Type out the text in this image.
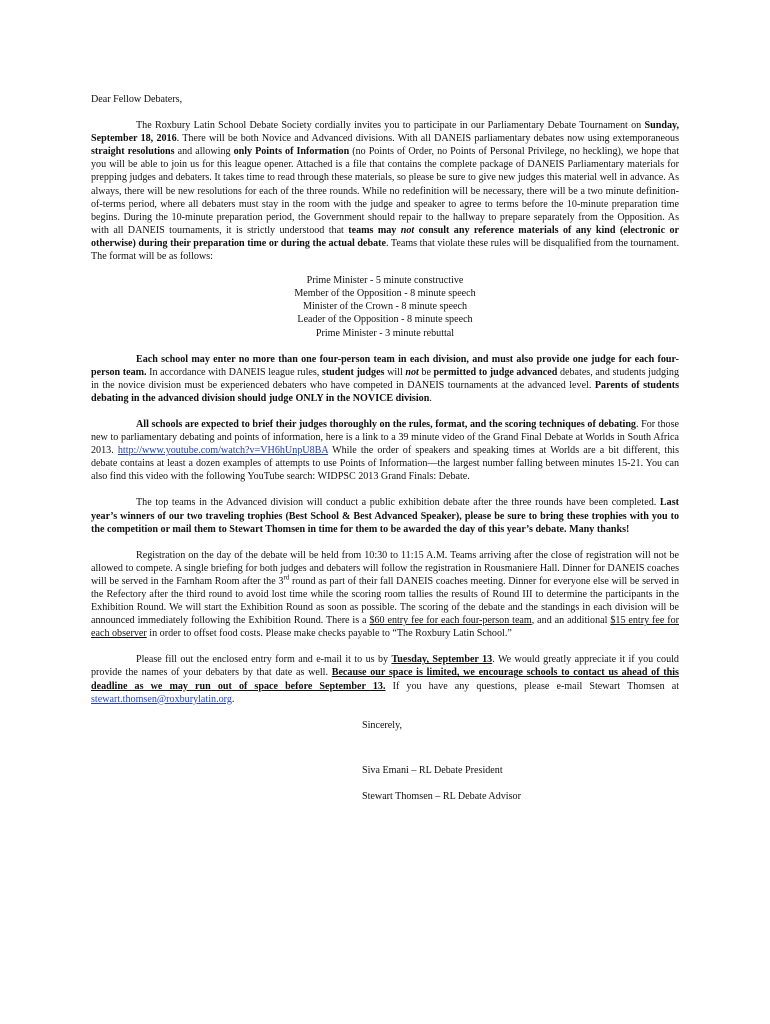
Dear Fellow Debaters,

The Roxbury Latin School Debate Society cordially invites you to participate in our Parliamentary Debate Tournament on Sunday, September 18, 2016. There will be both Novice and Advanced divisions. With all DANEIS parliamentary debates now using extemporaneous straight resolutions and allowing only Points of Information (no Points of Order, no Points of Personal Privilege, no heckling), we hope that you will be able to join us for this league opener. Attached is a file that contains the complete package of DANEIS Parliamentary materials for prepping judges and debaters. It takes time to read through these materials, so please be sure to give new judges this material well in advance. As always, there will be new resolutions for each of the three rounds. While no redefinition will be necessary, there will be a two minute definition-of-terms period, where all debaters must stay in the room with the judge and speaker to agree to terms before the 10-minute preparation time begins. During the 10-minute preparation period, the Government should repair to the hallway to prepare separately from the Opposition. As with all DANEIS tournaments, it is strictly understood that teams may not consult any reference materials of any kind (electronic or otherwise) during their preparation time or during the actual debate. Teams that violate these rules will be disqualified from the tournament. The format will be as follows:

Prime Minister - 5 minute constructive

Member of the Opposition - 8 minute speech

Minister of the Crown - 8 minute speech

Leader of the Opposition - 8 minute speech

Prime Minister - 3 minute rebuttal

Each school may enter no more than one four-person team in each division, and must also provide one judge for each four-person team. In accordance with DANEIS league rules, student judges will not be permitted to judge advanced debates, and students judging in the novice division must be experienced debaters who have competed in DANEIS tournaments at the advanced level. Parents of students debating in the advanced division should judge ONLY in the NOVICE division.

All schools are expected to brief their judges thoroughly on the rules, format, and the scoring techniques of debating. For those new to parliamentary debating and points of information, here is a link to a 39 minute video of the Grand Final Debate at Worlds in South Africa 2013. http://www.youtube.com/watch?v=VH6hUnpU8BA While the order of speakers and speaking times at Worlds are a bit different, this debate contains at least a dozen examples of attempts to use Points of Information—the largest number falling between minutes 15-21. You can also find this video with the following YouTube search: WIDPSC 2013 Grand Finals: Debate.

The top teams in the Advanced division will conduct a public exhibition debate after the three rounds have been completed. Last year’s winners of our two traveling trophies (Best School & Best Advanced Speaker), please be sure to bring these trophies with you to the competition or mail them to Stewart Thomsen in time for them to be awarded the day of this year’s debate. Many thanks!

Registration on the day of the debate will be held from 10:30 to 11:15 A.M. Teams arriving after the close of registration will not be allowed to compete. A single briefing for both judges and debaters will follow the registration in Rousmaniere Hall. Dinner for DANEIS coaches will be served in the Farnham Room after the 3rd round as part of their fall DANEIS coaches meeting. Dinner for everyone else will be served in the Refectory after the third round to avoid lost time while the scoring room tallies the results of Round III to determine the participants in the Exhibition Round. We will start the Exhibition Round as soon as possible. The scoring of the debate and the standings in each division will be announced immediately following the Exhibition Round. There is a $60 entry fee for each four-person team, and an additional $15 entry fee for each observer in order to offset food costs. Please make checks payable to “The Roxbury Latin School.”

Please fill out the enclosed entry form and e-mail it to us by Tuesday, September 13. We would greatly appreciate it if you could provide the names of your debaters by that date as well. Because our space is limited, we encourage schools to contact us ahead of this deadline as we may run out of space before September 13. If you have any questions, please e-mail Stewart Thomsen at stewart.thomsen@roxburylatin.org.

Sincerely,

Siva Emani – RL Debate President

Stewart Thomsen – RL Debate Advisor
